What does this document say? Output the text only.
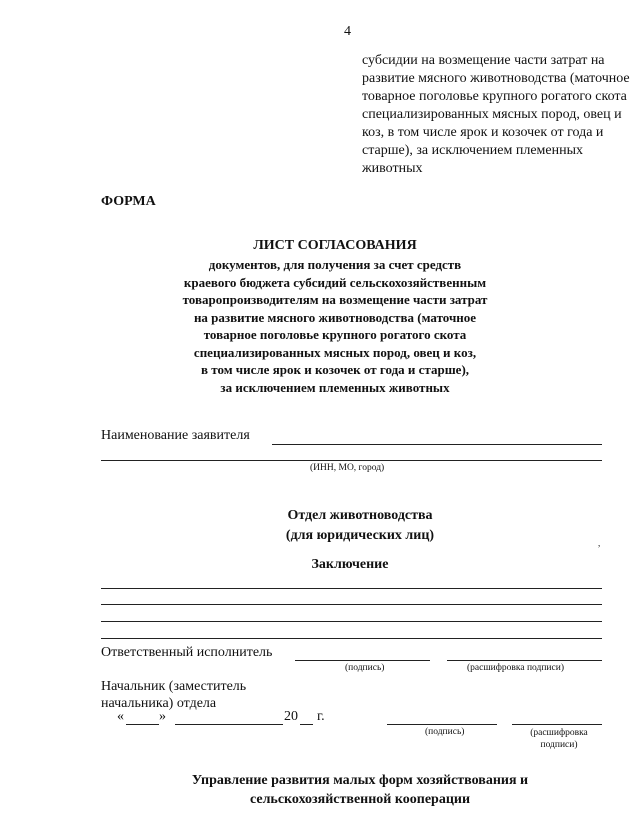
4
субсидии на возмещение части затрат на развитие мясного животноводства (маточное товарное поголовье крупного рогатого скота специализированных мясных пород, овец и коз, в том числе ярок и козочек от года и старше), за исключением племенных животных
ФОРМА
ЛИСТ СОГЛАСОВАНИЯ
документов, для получения за счет средств
краевого бюджета субсидий сельскохозяйственным
товаропроизводителям на возмещение части затрат
на развитие мясного животноводства (маточное
товарное поголовье крупного рогатого скота
специализированных мясных пород, овец и коз,
в том числе ярок и козочек от года и старше),
за исключением племенных животных
Наименование заявителя
(ИНН, МО, город)
Отдел животноводства
(для юридических лиц)	,
Заключение
Ответственный исполнитель
(подпись)	(расшифровка подписи)
Начальник (заместитель
начальника) отдела
«	»	20 г.
(подпись)	(расшифровка
подписи)
Управление развития малых форм хозяйствования и
сельскохозяйственной кооперации
